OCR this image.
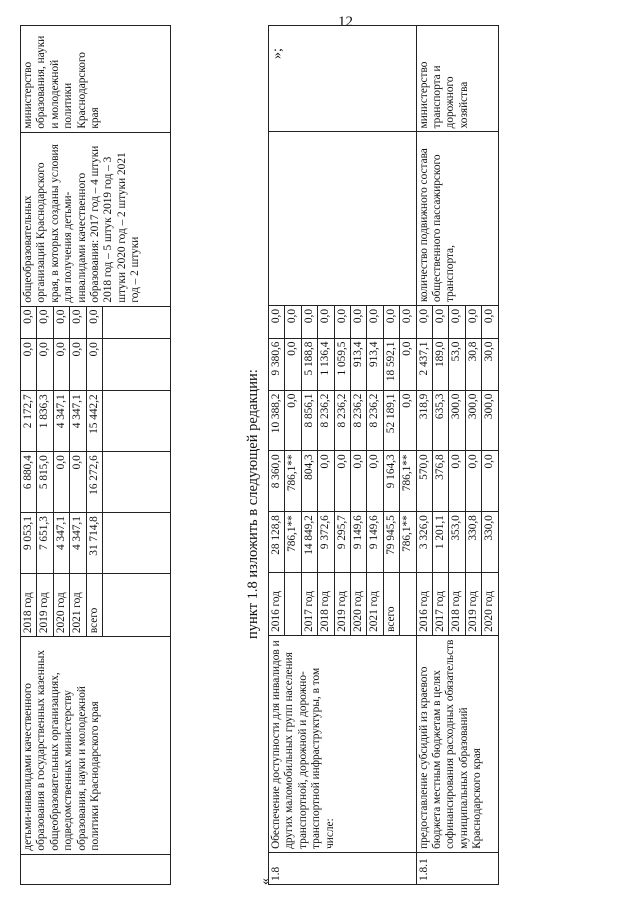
12
	детьми-инвалидами качественного образования в государственных казенных общеобразовательных организациях, подведомственных министерству образования, науки и молодежной политики Краснодарского края	2018 год	9 053,1	6 880,4	2 172,7	0,0	0,0	общеобразовательных организаций Краснодарского края, в которых созданы условия для получения детьми-инвалидами качественного образования: 2017 год – 4 штуки 2018 год – 5 штук 2019 год – 3 штуки 2020 год – 2 штуки 2021 год – 2 штуки	министерство образования, науки и молодежной политики Краснодарского края
		2019 год	7 651,3	5 815,0	1 836,3	0,0	0,0		
		2020 год	4 347,1	0,0	4 347,1	0,0	0,0		
		2021 год	4 347,1	0,0	4 347,1	0,0	0,0		
		всего	31 714,8	16 272,6	15 442,2	0,0	0,0		

пункт 1.8 изложить в следующей редакции:
«
1.8	Обеспечение доступности для инвалидов и других маломобильных групп населения транспортной, дорожной и дорожно-транспортной инфраструктуры, в том числе:	2016 год	28 128,8	8 360,0	10 388,2	9 380,6	0,0		
			786,1**	786,1**	0,0	0,0	0,0		
		2017 год	14 849,2	804,3	8 856,1	5 188,8	0,0		
		2018 год	9 372,6	0,0	8 236,2	1 136,4	0,0		
		2019 год	9 295,7	0,0	8 236,2	1 059,5	0,0		
		2020 год	9 149,6	0,0	8 236,2	913,4	0,0		
		2021 год	9 149,6	0,0	8 236,2	913,4	0,0		
		всего	79 945,5	9 164,3	52 189,1	18 592,1	0,0		
			786,1**	786,1**	0,0	0,0	0,0		
1.8.1	предоставление субсидий из краевого бюджета местным бюджетам в целях софинансирования расходных обязательств муниципальных образований Краснодарского края	2016 год	3 326,0	570,0	318,9	2 437,1	0,0	количество подвижного состава общественного пассажирского транспорта,	министерство транспорта и дорожного хозяйства
		2017 год	1 201,1	376,8	635,3	189,0	0,0		
		2018 год	353,0	0,0	300,0	53,0	0,0		
		2019 год	330,8	0,0	300,0	30,8	0,0		
		2020 год	330,0	0,0	300,0	30,0	0,0		
»;
